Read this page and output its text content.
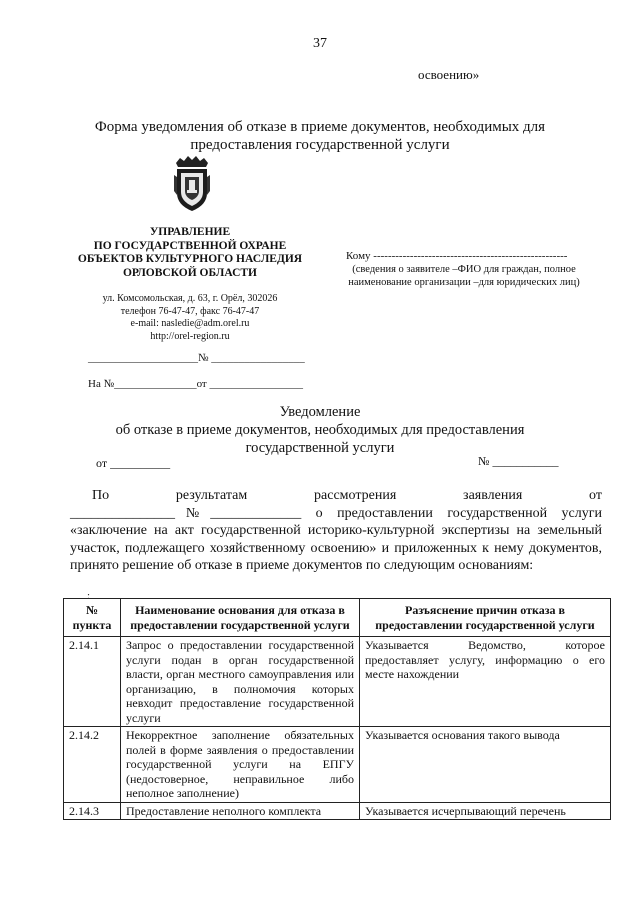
37
освоению»
Форма уведомления об отказе в приеме документов, необходимых для
предоставления государственной услуги
УПРАВЛЕНИЕ
ПО ГОСУДАРСТВЕННОЙ ОХРАНЕ
ОБЪЕКТОВ КУЛЬТУРНОГО НАСЛЕДИЯ
ОРЛОВСКОЙ ОБЛАСТИ
Кому -----------------------------------------------------
(сведения о заявителе –ФИО для граждан, полное
наименование организации –для юридических лиц)
ул. Комсомольская, д. 63, г. Орёл, 302026
телефон 76-47-47, факс 76-47-47
e-mail: nasledie@adm.orel.ru
http://orel-region.ru
____________________№ _________________
На №_______________от _________________
Уведомление
об отказе в приеме документов, необходимых для предоставления
государственной услуги
от __________	№ ___________

По результатам рассмотрения заявления от

_______________№_____________ о предоставлении государственной услуги «заключение на акт государственной историко-культурной экспертизы на земельный участок, подлежащего хозяйственному освоению» и приложенных к нему документов, принято решение об отказе в приеме документов по следующим основаниям:

:
№ пункта	Наименование основания для отказа в предоставлении государственной услуги	Разъяснение причин отказа в предоставлении государственной услуги
2.14.1	Запрос о предоставлении государственной услуги подан в орган государственной власти, орган местного самоуправления или организацию, в полномочия которых невходит предоставление государственной услуги	Указывается Ведомство, которое предоставляет услугу, информацию о его месте нахождении
2.14.2	Некорректное заполнение обязательных полей в форме заявления о предоставлении государственной услуги на ЕПГУ (недостоверное, неправильное либо неполное заполнение)	Указывается основания такого вывода
2.14.3	Предоставление неполного комплекта	Указывается исчерпывающий перечень
